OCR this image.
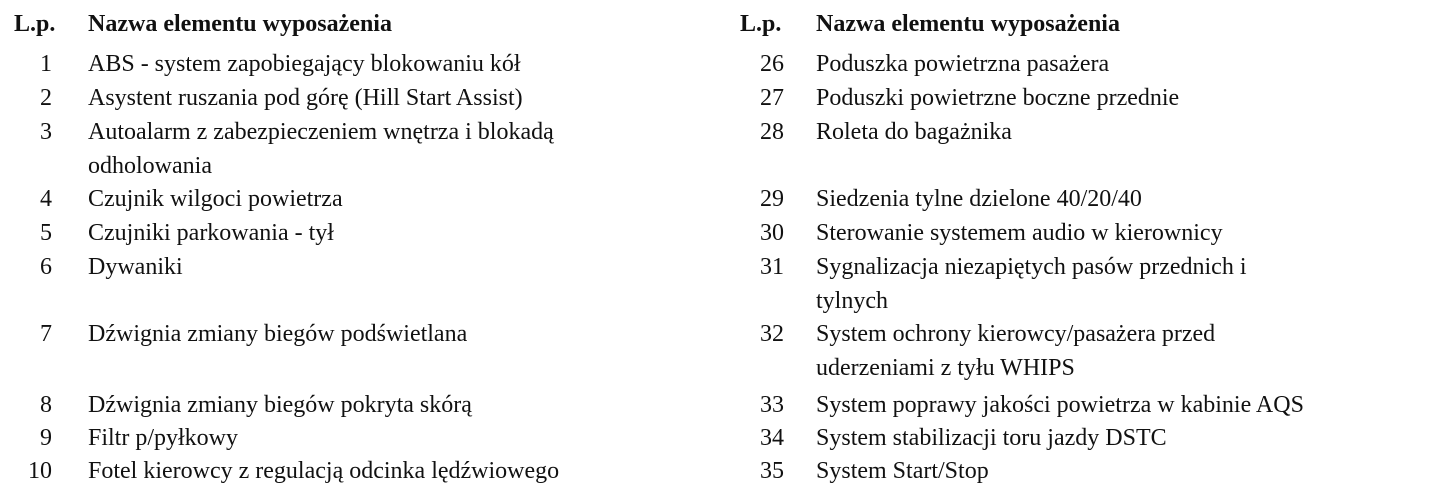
L.p. Nazwa elementu wyposażenia
1 ABS - system zapobiegający blokowaniu kół
2 Asystent ruszania pod górę (Hill Start Assist)
3 Autoalarm z zabezpieczeniem wnętrza i blokadą
odholowania
4 Czujnik wilgoci powietrza
5 Czujniki parkowania - tył
6 Dywaniki
7 Dźwignia zmiany biegów podświetlana
8 Dźwignia zmiany biegów pokryta skórą
9 Filtr p/pyłkowy
10 Fotel kierowcy z regulacją odcinka lędźwiowego
L.p. Nazwa elementu wyposażenia
26 Poduszka powietrzna pasażera
27 Poduszki powietrzne boczne przednie
28 Roleta do bagażnika
29 Siedzenia tylne dzielone 40/20/40
30 Sterowanie systemem audio w kierownicy
31 Sygnalizacja niezapiętych pasów przednich i
tylnych
32 System ochrony kierowcy/pasażera przed
uderzeniami z tyłu WHIPS
33 System poprawy jakości powietrza w kabinie AQS
34 System stabilizacji toru jazdy DSTC
35 System Start/Stop
